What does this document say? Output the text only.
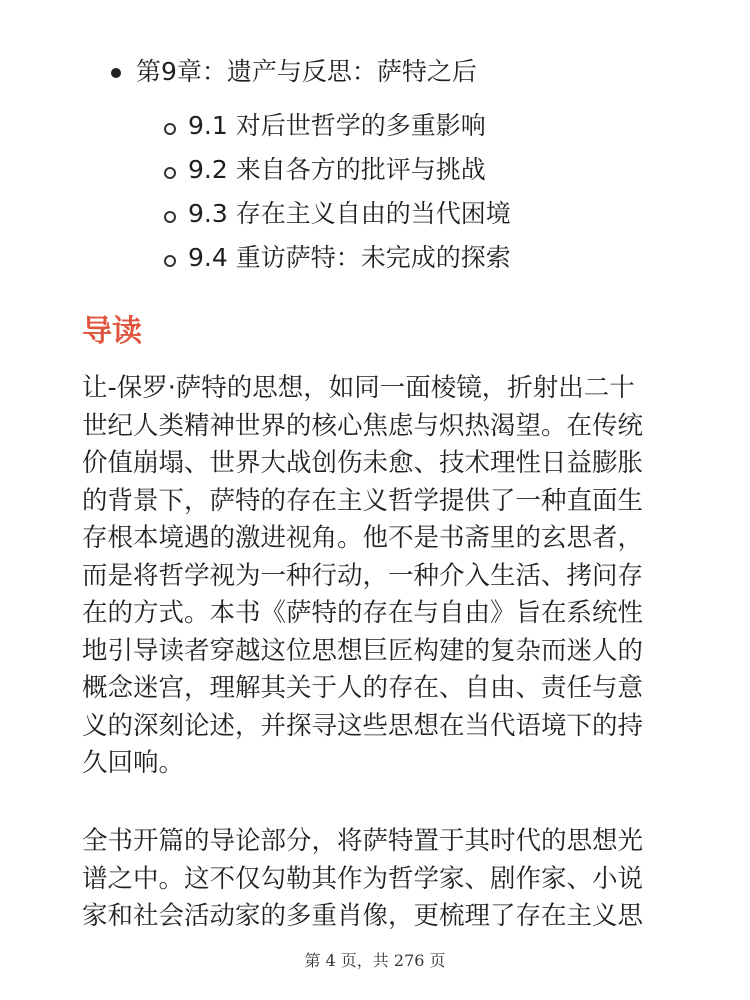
第9章：遗产与反思：萨特之后
9.1 对后世哲学的多重影响
9.2 来自各方的批评与挑战
9.3 存在主义自由的当代困境
9.4 重访萨特：未完成的探索
导读
让-保罗·萨特的思想，如同一面棱镜，折射出二十
世纪人类精神世界的核心焦虑与炽热渴望。在传统
价值崩塌、世界大战创伤未愈、技术理性日益膨胀
的背景下，萨特的存在主义哲学提供了一种直面生
存根本境遇的激进视角。他不是书斋里的玄思者，
而是将哲学视为一种行动，一种介入生活、拷问存
在的方式。本书《萨特的存在与自由》旨在系统性
地引导读者穿越这位思想巨匠构建的复杂而迷人的
概念迷宫，理解其关于人的存在、自由、责任与意
义的深刻论述，并探寻这些思想在当代语境下的持
久回响。
全书开篇的导论部分，将萨特置于其时代的思想光
谱之中。这不仅勾勒其作为哲学家、剧作家、小说
家和社会活动家的多重肖像，更梳理了存在主义思
第 4 页，共 276 页
